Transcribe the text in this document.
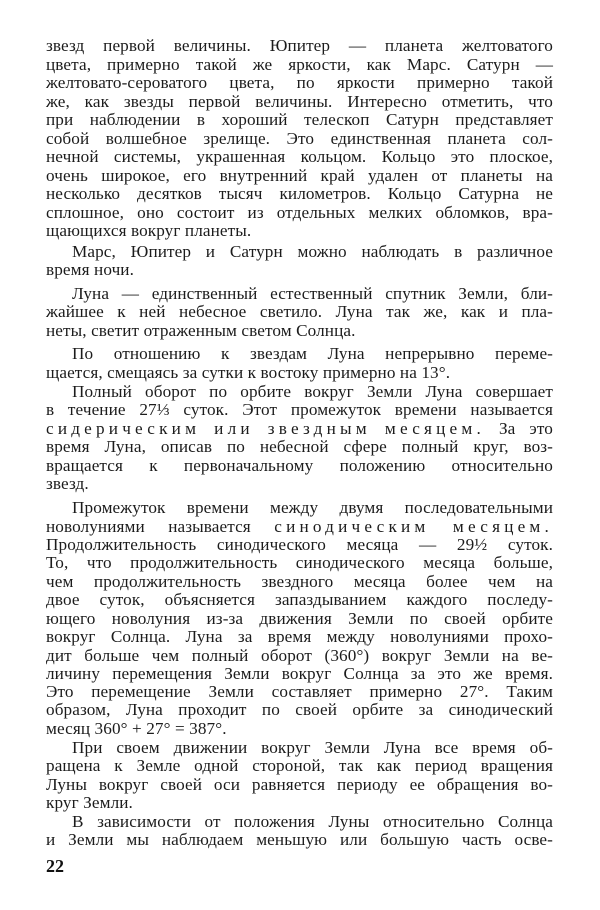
звезд первой величины. Юпитер — планета желтоватого
цвета, примерно такой же яркости, как Марс. Сатурн —
желтовато-сероватого цвета, по яркости примерно такой
же, как звезды первой величины. Интересно отметить, что
при наблюдении в хороший телескоп Сатурн представляет
собой волшебное зрелище. Это единственная планета сол-
нечной системы, украшенная кольцом. Кольцо это плоское,
очень широкое, его внутренний край удален от планеты на
несколько десятков тысяч километров. Кольцо Сатурна не
сплошное, оно состоит из отдельных мелких обломков, вра-
щающихся вокруг планеты.
Марс, Юпитер и Сатурн можно наблюдать в различное
время ночи.
Луна — единственный естественный спутник Земли, бли-
жайшее к ней небесное светило. Луна так же, как и пла-
неты, светит отраженным светом Солнца.
По отношению к звездам Луна непрерывно переме-
щается, смещаясь за сутки к востоку примерно на 13°.
Полный оборот по орбите вокруг Земли Луна совершает
в течение 27⅓ суток. Этот промежуток времени называется
сидерическим или звездным месяцем. За это
время Луна, описав по небесной сфере полный круг, воз-
вращается к первоначальному положению относительно
звезд.
Промежуток времени между двумя последовательными
новолуниями называется синодическим месяцем.
Продолжительность синодического месяца — 29½ суток.
То, что продолжительность синодического месяца больше,
чем продолжительность звездного месяца более чем на
двое суток, объясняется запаздыванием каждого последу-
ющего новолуния из-за движения Земли по своей орбите
вокруг Солнца. Луна за время между новолуниями прохо-
дит больше чем полный оборот (360°) вокруг Земли на ве-
личину перемещения Земли вокруг Солнца за это же время.
Это перемещение Земли составляет примерно 27°. Таким
образом, Луна проходит по своей орбите за синодический
месяц 360° + 27° = 387°.
При своем движении вокруг Земли Луна все время об-
ращена к Земле одной стороной, так как период вращения
Луны вокруг своей оси равняется периоду ее обращения во-
круг Земли.
В зависимости от положения Луны относительно Солнца
и Земли мы наблюдаем меньшую или большую часть осве-
22
